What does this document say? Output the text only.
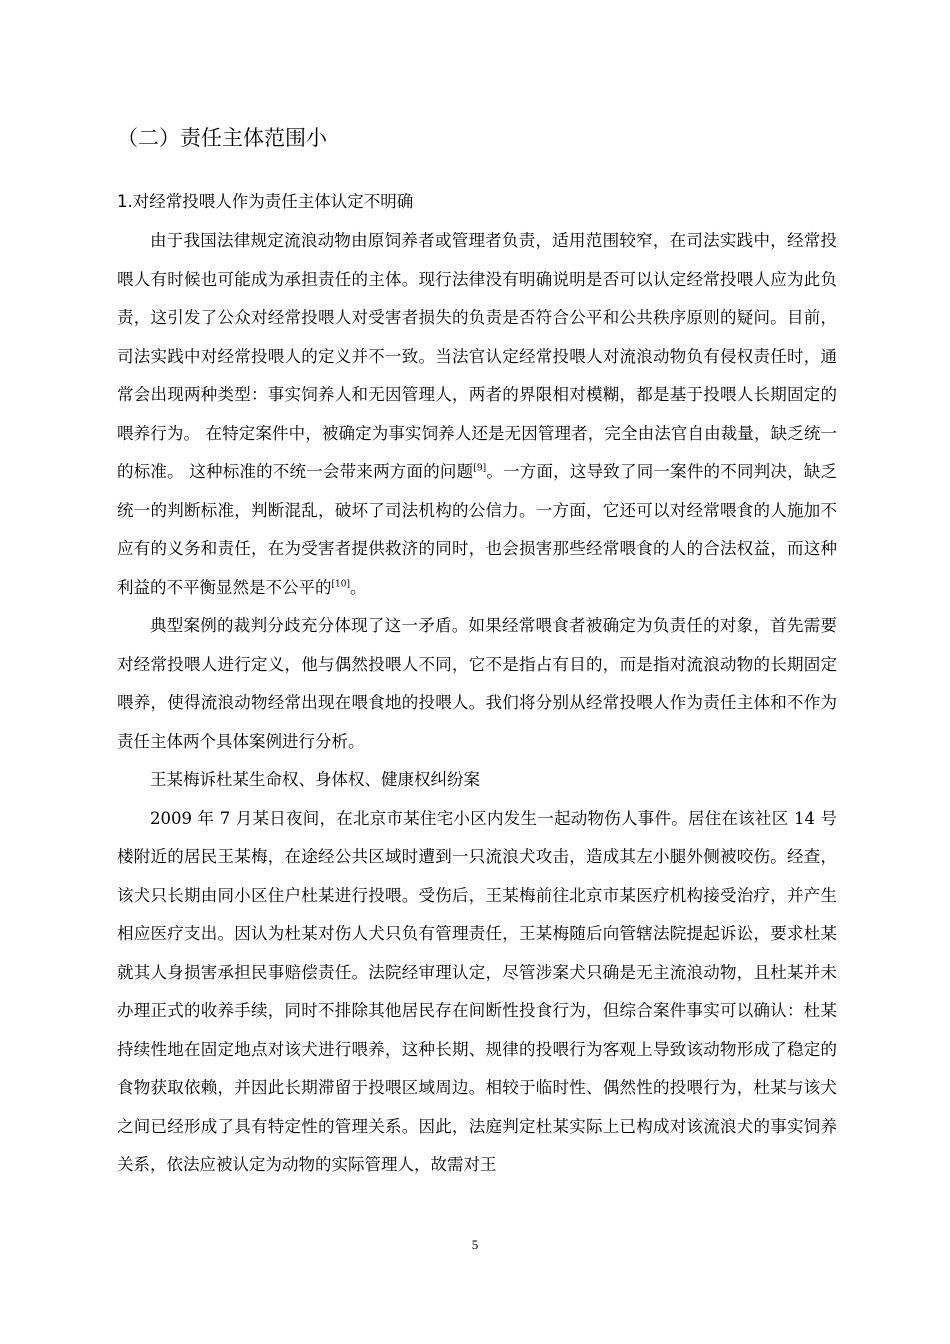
（二）责任主体范围小
1.对经常投喂人作为责任主体认定不明确

由于我国法律规定流浪动物由原饲养者或管理者负责，适用范围较窄，在司法实践中，经常投喂人有时候也可能成为承担责任的主体。现行法律没有明确说明是否可以认定经常投喂人应为此负责，这引发了公众对经常投喂人对受害者损失的负责是否符合公平和公共秩序原则的疑问。目前，司法实践中对经常投喂人的定义并不一致。当法官认定经常投喂人对流浪动物负有侵权责任时，通常会出现两种类型：事实饲养人和无因管理人，两者的界限相对模糊，都是基于投喂人长期固定的喂养行为。 在特定案件中，被确定为事实饲养人还是无因管理者，完全由法官自由裁量，缺乏统一的标准。 这种标准的不统一会带来两方面的问题[9]。一方面，这导致了同一案件的不同判决，缺乏统一的判断标准，判断混乱，破坏了司法机构的公信力。一方面，它还可以对经常喂食的人施加不应有的义务和责任，在为受害者提供救济的同时，也会损害那些经常喂食的人的合法权益，而这种利益的不平衡显然是不公平的[10]。

典型案例的裁判分歧充分体现了这一矛盾。如果经常喂食者被确定为负责任的对象，首先需要对经常投喂人进行定义，他与偶然投喂人不同，它不是指占有目的，而是指对流浪动物的长期固定喂养，使得流浪动物经常出现在喂食地的投喂人。我们将分别从经常投喂人作为责任主体和不作为责任主体两个具体案例进行分析。

王某梅诉杜某生命权、身体权、健康权纠纷案

2009 年 7 月某日夜间，在北京市某住宅小区内发生一起动物伤人事件。居住在该社区 14 号楼附近的居民王某梅，在途经公共区域时遭到一只流浪犬攻击，造成其左小腿外侧被咬伤。经查，该犬只长期由同小区住户杜某进行投喂。受伤后，王某梅前往北京市某医疗机构接受治疗，并产生相应医疗支出。因认为杜某对伤人犬只负有管理责任，王某梅随后向管辖法院提起诉讼，要求杜某就其人身损害承担民事赔偿责任。法院经审理认定，尽管涉案犬只确是无主流浪动物，且杜某并未办理正式的收养手续，同时不排除其他居民存在间断性投食行为，但综合案件事实可以确认：杜某持续性地在固定地点对该犬进行喂养，这种长期、规律的投喂行为客观上导致该动物形成了稳定的食物获取依赖，并因此长期滞留于投喂区域周边。相较于临时性、偶然性的投喂行为，杜某与该犬之间已经形成了具有特定性的管理关系。因此，法庭判定杜某实际上已构成对该流浪犬的事实饲养关系，依法应被认定为动物的实际管理人，故需对王

5
